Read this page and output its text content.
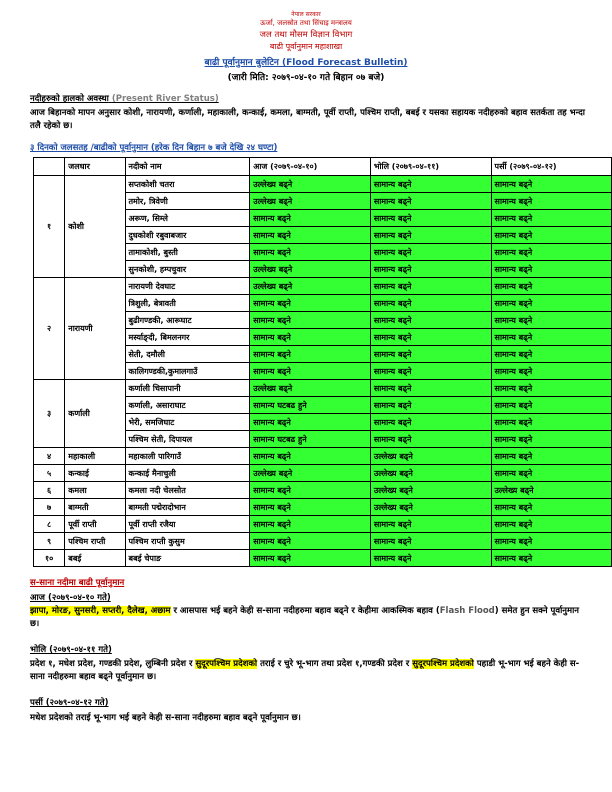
नेपाल सरकार
ऊर्जा, जलस्रोत तथा सिंचाइ मन्त्रालय
जल तथा मौसम विज्ञान विभाग
बाढी पूर्वानुमान महाशाखा
बाढी पूर्वानुमान बुलेटिन (Flood Forecast Bulletin)
(जारी मिति: २०७९-०४-१० गते बिहान ०७ बजे)
नदीहरुको हालको अवस्था (Present River Status)
आज बिहानको मापन अनुसार कोशी, नारायणी, कर्णाली, महाकाली, कन्काई, कमला, बाग्मती, पूर्वी राप्ती, पश्चिम राप्ती, बबई र यसका सहायक नदीहरुको बहाव सतर्कता तह भन्दा तलै रहेको छ।
३ दिनको जलसतह /बाढीको पूर्वानुमान (हरेक दिन बिहान ७ बजे देखि २४ घण्टा)
	जलधार	नदीको नाम	आज (२०७९-०४-१०)	भोलि (२०७९-०४-११)	पर्सी (२०७९-०४-१२)
१	कोशी	सप्तकोशी चतरा	उल्लेख्य बढ्ने	सामान्य बढ्ने	सामान्य बढ्ने
		तमोर, त्रिवेणी	उल्लेख्य बढ्ने	सामान्य बढ्ने	सामान्य बढ्ने
		अरूण, सिम्ले	सामान्य बढ्ने	सामान्य बढ्ने	सामान्य बढ्ने
		दुधकोशी रबुवाबजार	सामान्य बढ्ने	सामान्य बढ्ने	सामान्य बढ्ने
		तामाकोशी, बुस्ती	सामान्य बढ्ने	सामान्य बढ्ने	सामान्य बढ्ने
		सुनकोशी, हम्पचुवार	उल्लेख्य बढ्ने	सामान्य बढ्ने	सामान्य बढ्ने
२	नारायणी	नारायणी देवघाट	उल्लेख्य बढ्ने	सामान्य बढ्ने	सामान्य बढ्ने
		त्रिशुली, बेत्रावती	सामान्य बढ्ने	सामान्य बढ्ने	सामान्य बढ्ने
		बुढीगण्डकी, आरूघाट	सामान्य बढ्ने	सामान्य बढ्ने	सामान्य बढ्ने
		मर्स्याङ्दी, बिमलनगर	सामान्य बढ्ने	सामान्य बढ्ने	सामान्य बढ्ने
		सेती, दमौली	सामान्य बढ्ने	सामान्य बढ्ने	सामान्य बढ्ने
		कालिगण्डकी,कुमालगाउँ	सामान्य बढ्ने	सामान्य बढ्ने	सामान्य बढ्ने
३	कर्णाली	कर्णाली चिसापानी	उल्लेख्य बढ्ने	सामान्य बढ्ने	सामान्य बढ्ने
		कर्णाली, असाराघाट	सामान्य घटबढ हुने	सामान्य बढ्ने	सामान्य बढ्ने
		भेरी, समजिघाट	सामान्य बढ्ने	सामान्य बढ्ने	सामान्य बढ्ने
		पश्चिम सेती, दिपायल	सामान्य घटबढ हुने	सामान्य बढ्ने	सामान्य बढ्ने
४	महाकाली	महाकाली पारिगाउँ	सामान्य बढ्ने	उल्लेख्य बढ्ने	सामान्य बढ्ने
५	कन्काई	कन्काई मैनाचुली	उल्लेख्य बढ्ने	उल्लेख्य बढ्ने	सामान्य बढ्ने
६	कमला	कमला नदी चेलसोत	सामान्य बढ्ने	उल्लेख्य बढ्ने	उल्लेख्य बढ्ने
७	बाग्मती	बाग्मती पद्मेरादोभान	सामान्य बढ्ने	उल्लेख्य बढ्ने	सामान्य बढ्ने
८	पूर्वी राप्ती	पूर्वी राप्ती रजैया	सामान्य बढ्ने	सामान्य बढ्ने	सामान्य बढ्ने
९	पश्चिम राप्ती	पश्चिम राप्ती कुसुम	सामान्य बढ्ने	सामान्य बढ्ने	सामान्य बढ्ने
१०	बबई	बबई चेपाङ	सामान्य बढ्ने	सामान्य बढ्ने	सामान्य बढ्ने
स-साना नदीमा बाढी पूर्वानुमान
आज (२०७९-०४-१० गते)
झापा, मोरङ, सुनसरी, सप्तरी, दैलेख, अछाम र आसपास भई बहने केही स-साना नदीहरुमा बहाव बढ्ने र केहीमा आकस्मिक बहाव (Flash Flood) समेत हुन सक्ने पूर्वानुमान छ।
भोलि (२०७९-०४-११ गते)
प्रदेश १, मधेश प्रदेश, गण्डकी प्रदेश, लुम्बिनी प्रदेश र सुदूरपश्चिम प्रदेशको तराई र चुरे भू-भाग तथा प्रदेश १,गण्डकी प्रदेश र सुदूरपश्चिम प्रदेशको पहाडी भू-भाग भई बहने केही स-साना नदीहरुमा बहाव बढ्ने पूर्वानुमान छ।
पर्सी (२०७९-०४-१२ गते)
मधेश प्रदेशको तराई भू-भाग भई बहने केही स-साना नदीहरुमा बहाव बढ्ने पूर्वानुमान छ।
